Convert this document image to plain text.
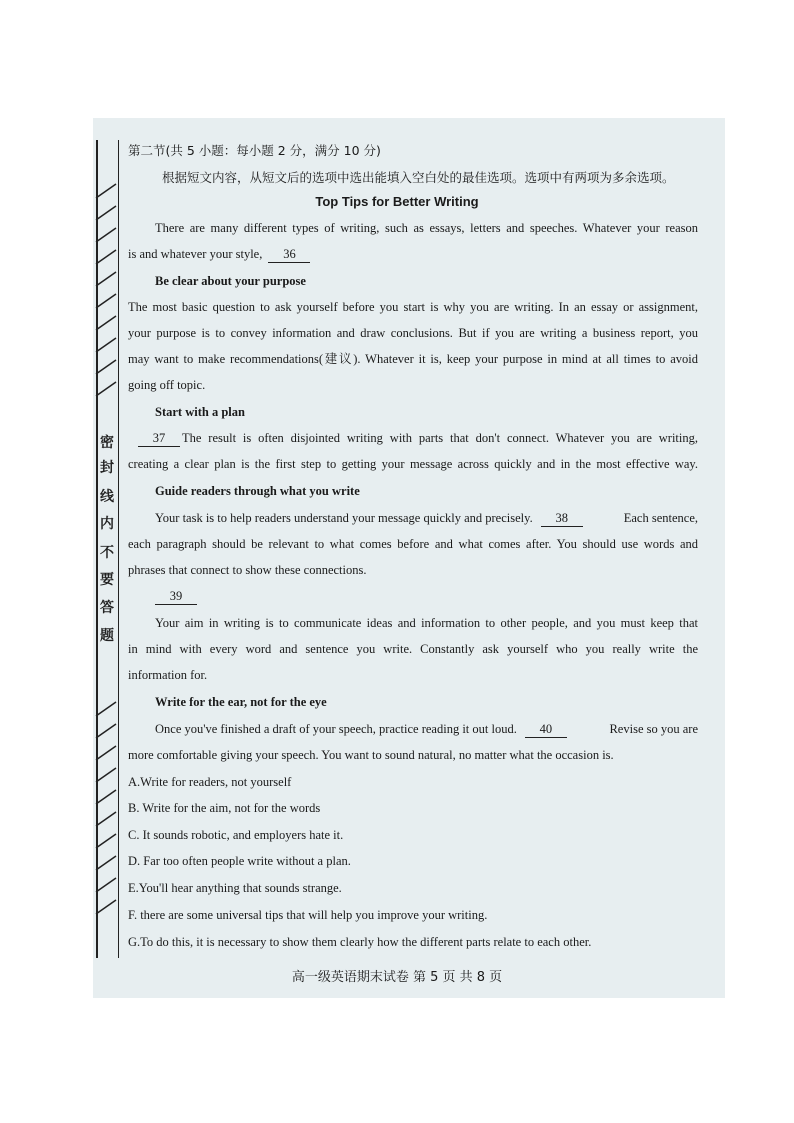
密
封
线
内
不
要
答
题
第二节(共 5 小题：每小题 2 分，满分 10 分)
根据短文内容，从短文后的选项中选出能填入空白处的最佳选项。选项中有两项为多余选项。
Top Tips for Better Writing
There are many different types of writing, such as essays, letters and speeches. Whatever your reason
is and whatever your style, 36
Be clear about your purpose
The most basic question to ask yourself before you start is why you are writing. In an essay or assignment,
your purpose is to convey information and draw conclusions. But if you are writing a business report, you
may want to make recommendations(建议). Whatever it is, keep your purpose in mind at all times to avoid
going off topic.
Start with a plan
37	The result is often disjointed writing with parts that don't connect. Whatever you are writing,
creating a clear plan is the first step to getting your message across quickly and in the most effective way.
Guide readers through what you write
Your task is to help readers understand your message quickly and precisely.	38	Each sentence,
each paragraph should be relevant to what comes before and what comes after. You should use words and
phrases that connect to show these connections.
39
Your aim in writing is to communicate ideas and information to other people, and you must keep that
in mind with every word and sentence you write. Constantly ask yourself who you really write the
information for.
Write for the ear, not for the eye
Once you've finished a draft of your speech, practice reading it out loud.	40	Revise so you are
more comfortable giving your speech. You want to sound natural, no matter what the occasion is.
A.Write for readers, not yourself
B. Write for the aim, not for the words
C. It sounds robotic, and employers hate it.
D. Far too often people write without a plan.
E.You'll hear anything that sounds strange.
F. there are some universal tips that will help you improve your writing.
G.To do this, it is necessary to show them clearly how the different parts relate to each other.
高一级英语期末试卷 第 5 页 共 8 页
